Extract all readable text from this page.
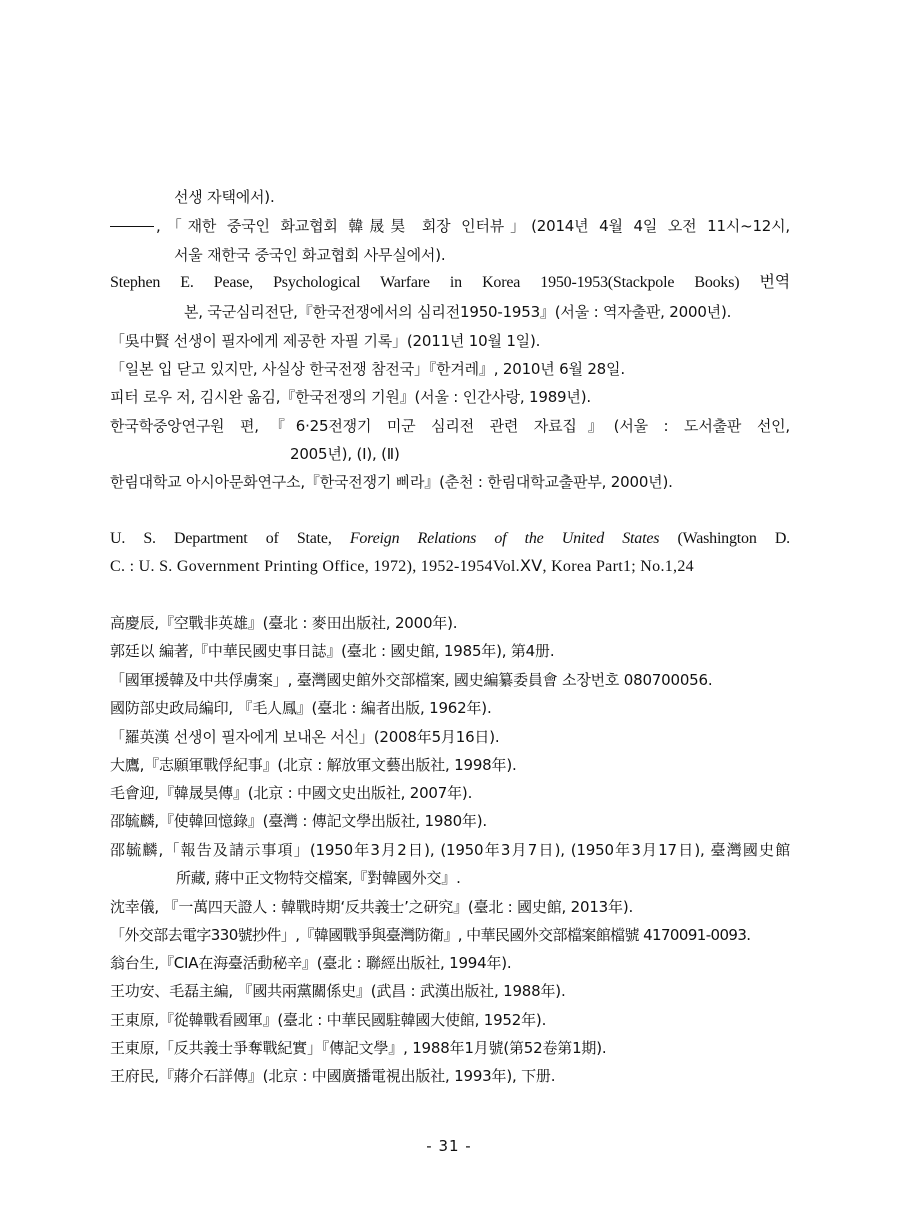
선생 자택에서).
,「재한 중국인 화교협회 韓晟昊 회장 인터뷰」(2014년 4월 4일 오전 11시~12시,
서울 재한국 중국인 화교협회 사무실에서).
Stephen E. Pease, Psychological Warfare in Korea 1950-1953(Stackpole Books) 번역
본, 국군심리전단,『한국전쟁에서의 심리전1950-1953』(서울 : 역자출판, 2000년).
「吳中賢 선생이 필자에게 제공한 자필 기록」(2011년 10월 1일).
「일본 입 닫고 있지만, 사실상 한국전쟁 참전국」『한겨레』, 2010년 6월 28일.
피터 로우 저, 김시완 옮김,『한국전쟁의 기원』(서울 : 인간사랑, 1989년).
한국학중앙연구원 편,『6·25전쟁기 미군 심리전 관련 자료집』(서울 : 도서출판 선인,
2005년), (Ⅰ), (Ⅱ)
한림대학교 아시아문화연구소,『한국전쟁기 삐라』(춘천 : 한림대학교출판부, 2000년).
U. S. Department of State, Foreign Relations of the United States (Washington D.
C. : U. S. Government Printing Office, 1972), 1952-1954Vol.ⅩⅤ, Korea Part1; No.1,24
高慶辰,『空戰非英雄』(臺北 : 麥田出版社, 2000年).
郭廷以 編著,『中華民國史事日誌』(臺北 : 國史館, 1985年), 第4册.
「國軍援韓及中共俘虜案」, 臺灣國史館外交部檔案, 國史編纂委員會 소장번호 080700056.
國防部史政局編印, 『毛人鳳』(臺北 : 編者出版, 1962年).
「羅英漢 선생이 필자에게 보내온 서신」(2008年5月16日).
大鷹,『志願軍戰俘紀事』(北京 : 解放軍文藝出版社, 1998年).
毛會迎,『韓晟昊傳』(北京 : 中國文史出版社, 2007年).
邵毓麟,『使韓回憶錄』(臺灣 : 傳記文學出版社, 1980年).
邵毓麟,「報告及請示事項」(1950年3月2日), (1950年3月7日), (1950年3月17日), 臺灣國史館
所藏, 蔣中正文物特交檔案,『對韓國外交』.
沈幸儀, 『一萬四天證人 : 韓戰時期‘反共義士’之研究』(臺北 : 國史館, 2013年).
「外交部去電字330號抄件」,『韓國戰爭與臺灣防衛』, 中華民國外交部檔案館檔號 4170091-0093.
翁台生,『CIA在海臺活動秘辛』(臺北 : 聯經出版社, 1994年).
王功安、毛磊主編, 『國共兩黨關係史』(武昌 : 武漢出版社, 1988年).
王東原,『從韓戰看國軍』(臺北 : 中華民國駐韓國大使館, 1952年).
王東原,「反共義士爭奪戰紀實」『傳記文學』, 1988年1月號(第52卷第1期).
王府民,『蔣介石詳傳』(北京 : 中國廣播電視出版社, 1993年), 下册.
- 31 -
